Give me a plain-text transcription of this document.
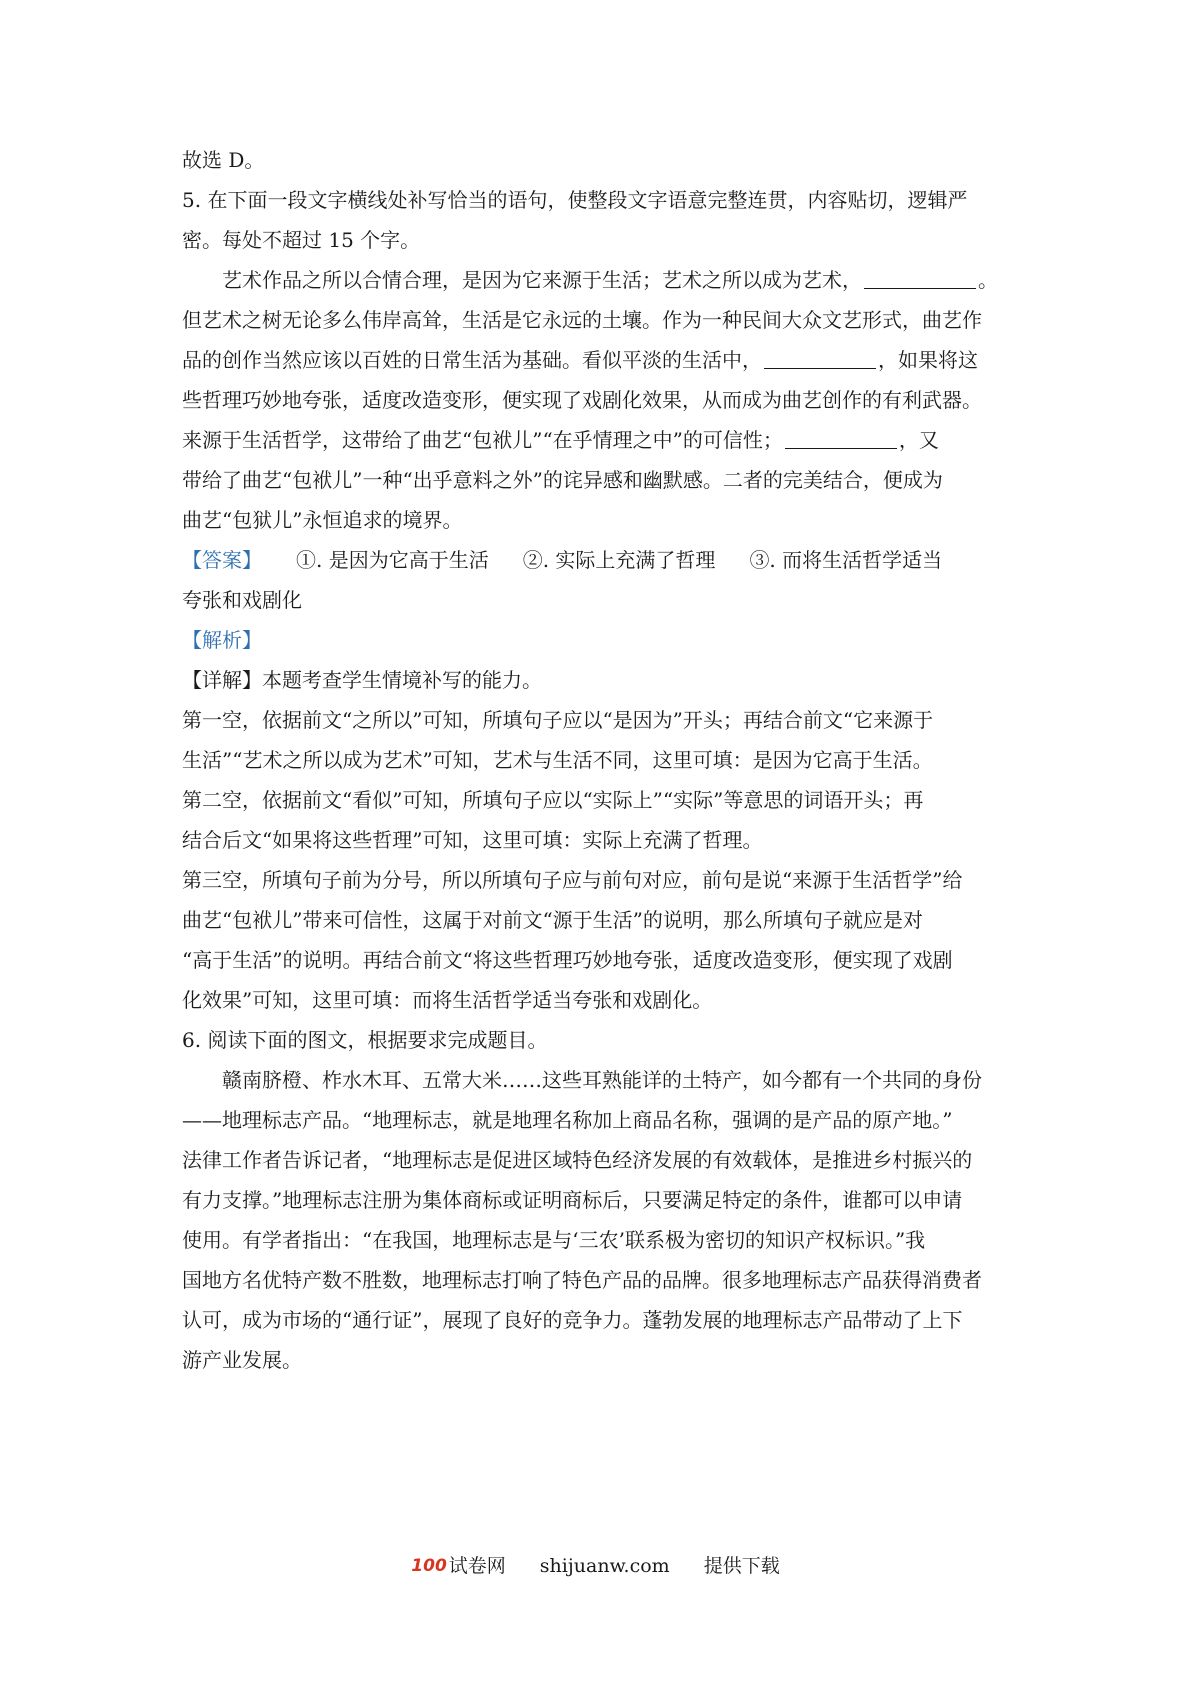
故选 D。

5. 在下面一段文字横线处补写恰当的语句，使整段文字语意完整连贯，内容贴切，逻辑严

密。每处不超过 15 个字。

艺术作品之所以合情合理，是因为它来源于生活；艺术之所以成为艺术，	。

但艺术之树无论多么伟岸高耸，生活是它永远的土壤。作为一种民间大众文艺形式，曲艺作

品的创作当然应该以百姓的日常生活为基础。看似平淡的生活中，	，如果将这

些哲理巧妙地夸张，适度改造变形，便实现了戏剧化效果，从而成为曲艺创作的有利武器。

来源于生活哲学，这带给了曲艺“包袱儿”“在乎情理之中”的可信性；	，又

带给了曲艺“包袱儿”一种“出乎意料之外”的诧异感和幽默感。二者的完美结合，便成为

曲艺“包狱儿”永恒追求的境界。

【答案】 ①. 是因为它高于生活 ②. 实际上充满了哲理 ③. 而将生活哲学适当

夸张和戏剧化

【解析】

【详解】本题考查学生情境补写的能力。

第一空，依据前文“之所以”可知，所填句子应以“是因为”开头；再结合前文“它来源于

生活”“艺术之所以成为艺术”可知，艺术与生活不同，这里可填：是因为它高于生活。

第二空，依据前文“看似”可知，所填句子应以“实际上”“实际”等意思的词语开头；再

结合后文“如果将这些哲理”可知，这里可填：实际上充满了哲理。

第三空，所填句子前为分号，所以所填句子应与前句对应，前句是说“来源于生活哲学”给

曲艺“包袱儿”带来可信性，这属于对前文“源于生活”的说明，那么所填句子就应是对

“高于生活”的说明。再结合前文“将这些哲理巧妙地夸张，适度改造变形，便实现了戏剧

化效果”可知，这里可填：而将生活哲学适当夸张和戏剧化。

6. 阅读下面的图文，根据要求完成题目。

赣南脐橙、柞水木耳、五常大米……这些耳熟能详的土特产，如今都有一个共同的身份

——地理标志产品。“地理标志，就是地理名称加上商品名称，强调的是产品的原产地。”

法律工作者告诉记者，“地理标志是促进区域特色经济发展的有效载体，是推进乡村振兴的

有力支撑。”地理标志注册为集体商标或证明商标后，只要满足特定的条件，谁都可以申请

使用。有学者指出：“在我国，地理标志是与‘三农’联系极为密切的知识产权标识。”我

国地方名优特产数不胜数，地理标志打响了特色产品的品牌。很多地理标志产品获得消费者

认可，成为市场的“通行证”，展现了良好的竞争力。蓬勃发展的地理标志产品带动了上下

游产业发展。

100 试卷网 shijuanw.com 提供下载
